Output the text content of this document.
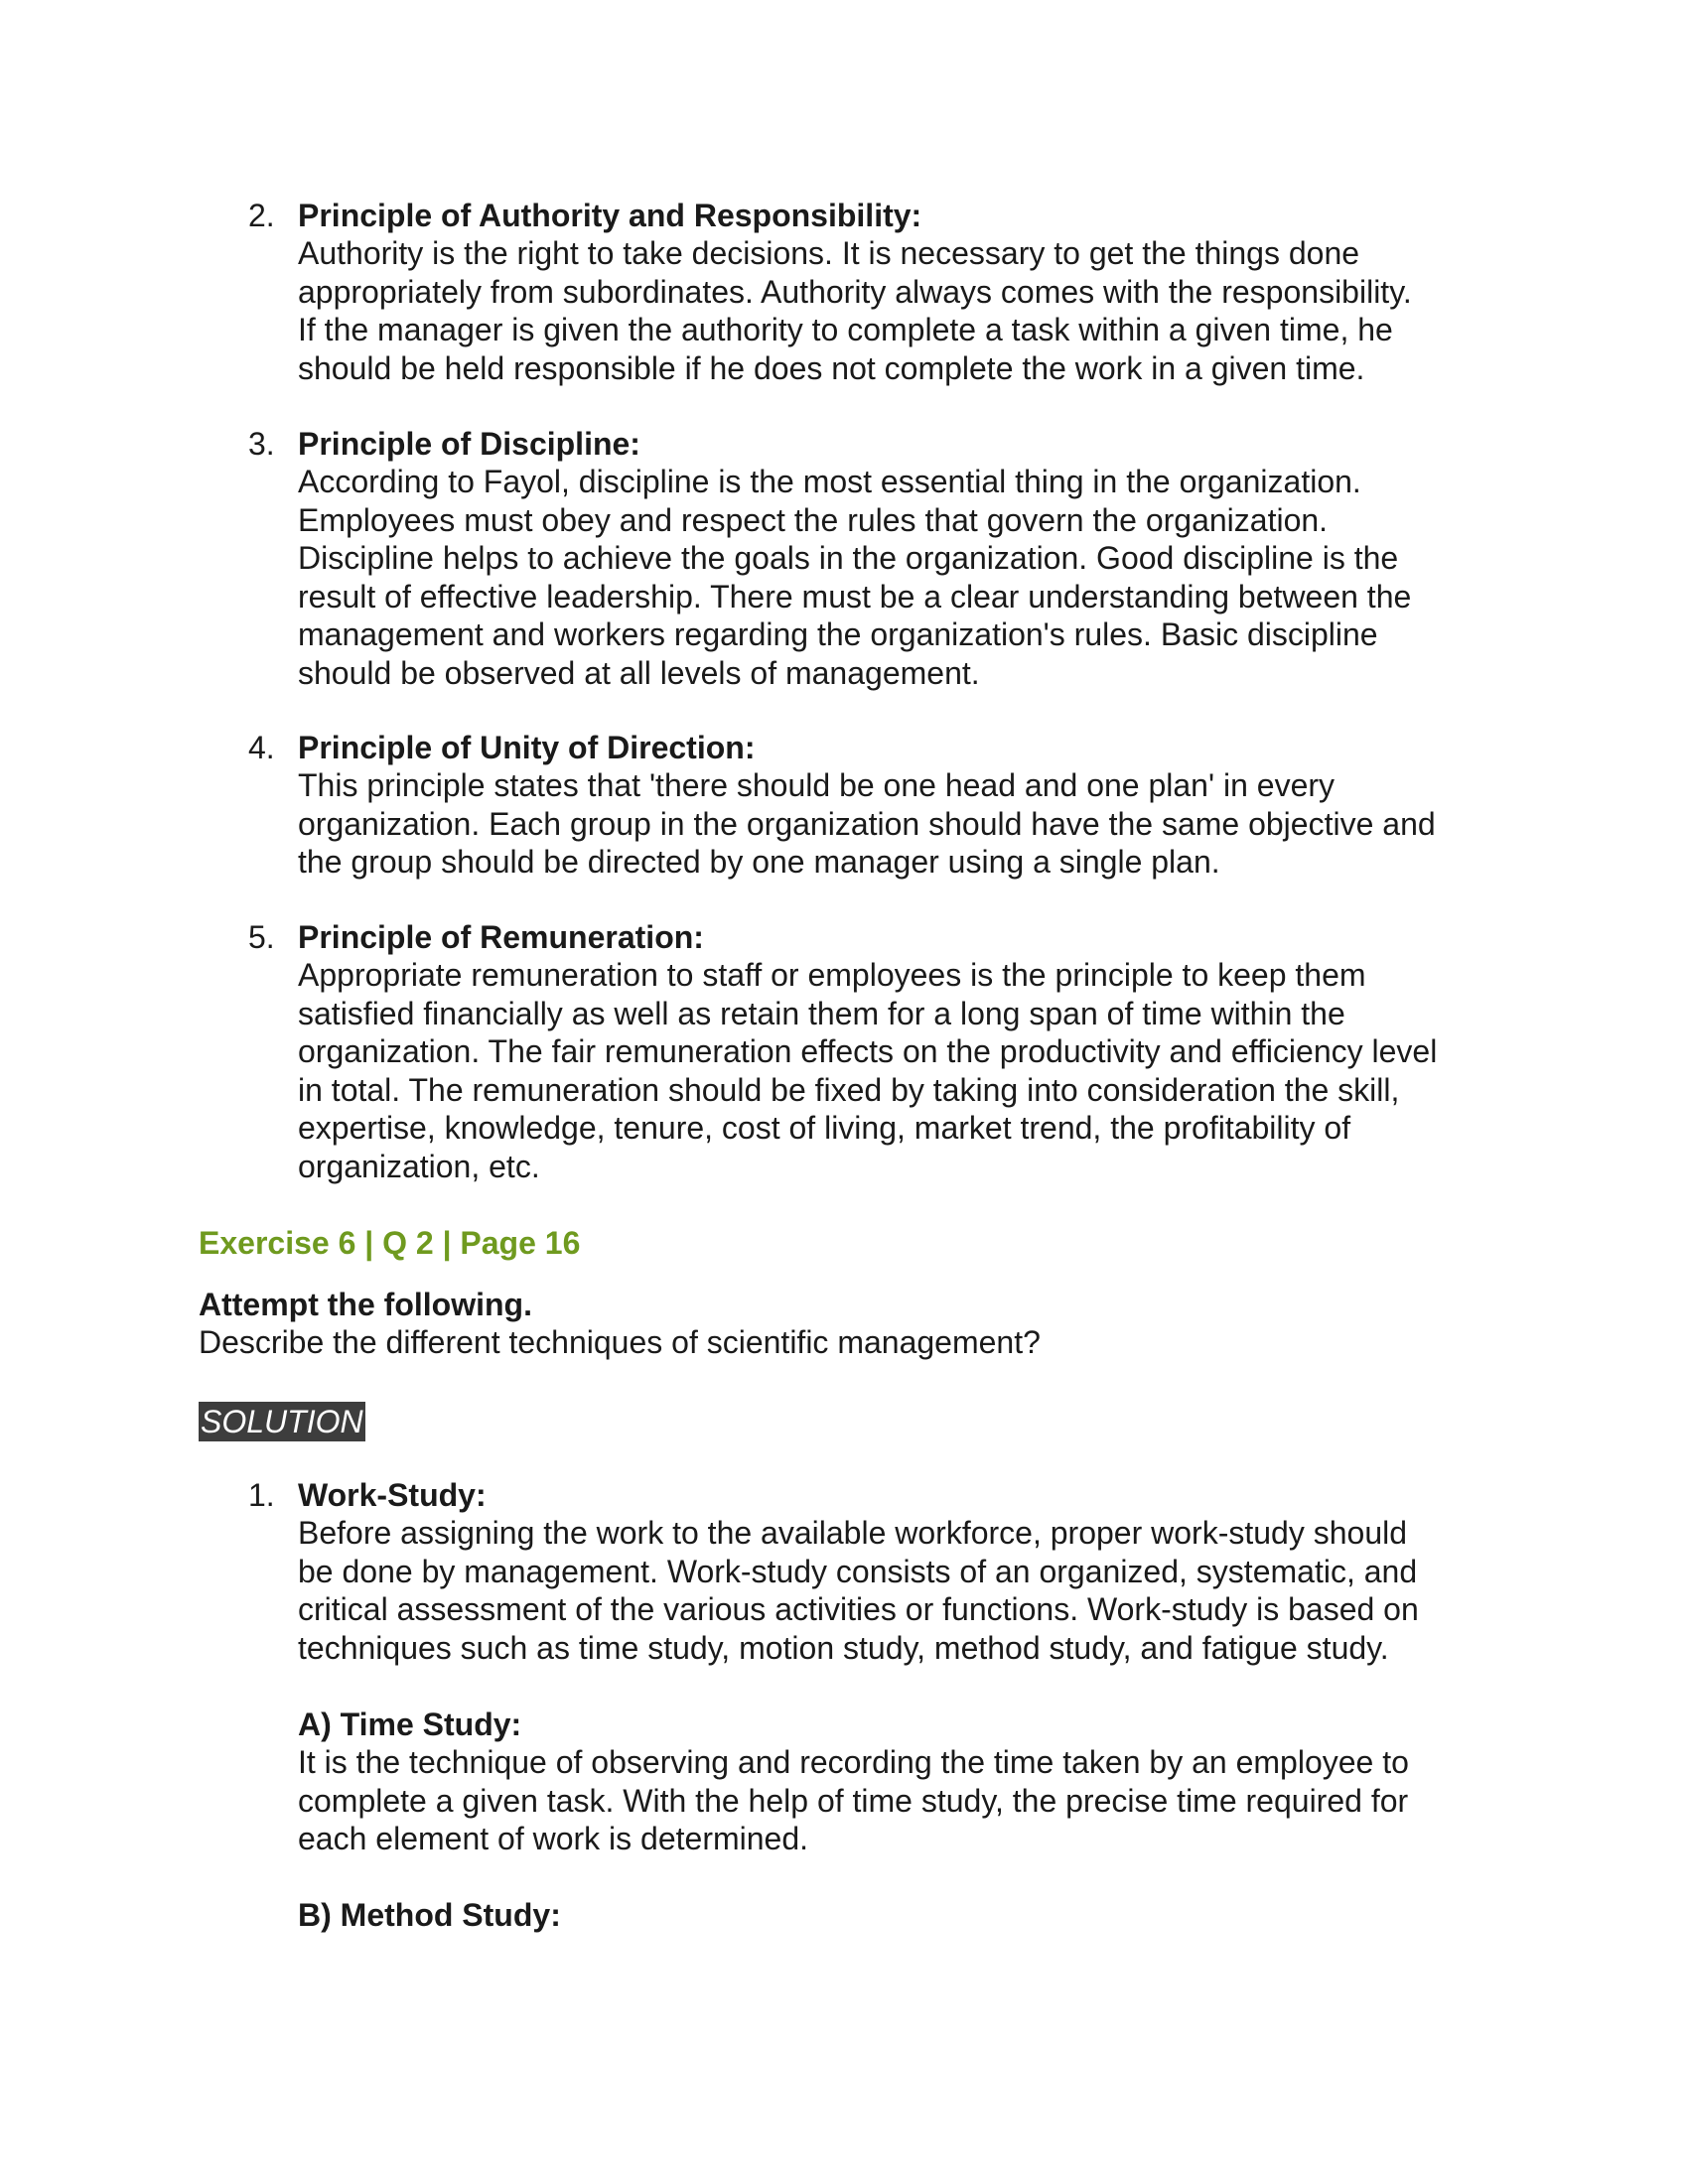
2. Principle of Authority and Responsibility:
Authority is the right to take decisions. It is necessary to get the things done
appropriately from subordinates. Authority always comes with the responsibility.
If the manager is given the authority to complete a task within a given time, he
should be held responsible if he does not complete the work in a given time.
3. Principle of Discipline:
According to Fayol, discipline is the most essential thing in the organization.
Employees must obey and respect the rules that govern the organization.
Discipline helps to achieve the goals in the organization. Good discipline is the
result of effective leadership. There must be a clear understanding between the
management and workers regarding the organization's rules. Basic discipline
should be observed at all levels of management.
4. Principle of Unity of Direction:
This principle states that 'there should be one head and one plan' in every
organization. Each group in the organization should have the same objective and
the group should be directed by one manager using a single plan.
5. Principle of Remuneration:
Appropriate remuneration to staff or employees is the principle to keep them
satisfied financially as well as retain them for a long span of time within the
organization. The fair remuneration effects on the productivity and efficiency level
in total. The remuneration should be fixed by taking into consideration the skill,
expertise, knowledge, tenure, cost of living, market trend, the profitability of
organization, etc.
Exercise 6 | Q 2 | Page 16
Attempt the following.
Describe the different techniques of scientific management?
SOLUTION
1. Work-Study:
Before assigning the work to the available workforce, proper work-study should
be done by management. Work-study consists of an organized, systematic, and
critical assessment of the various activities or functions. Work-study is based on
techniques such as time study, motion study, method study, and fatigue study.
A) Time Study:
It is the technique of observing and recording the time taken by an employee to
complete a given task. With the help of time study, the precise time required for
each element of work is determined.
B) Method Study:
